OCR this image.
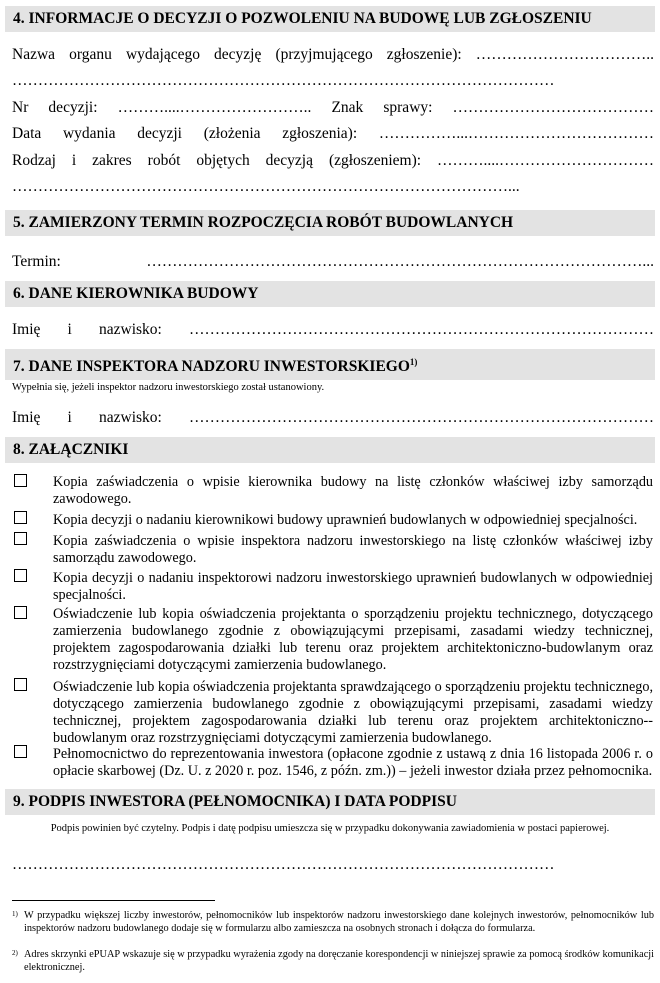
4. INFORMACJE O DECYZJI O POZWOLENIU NA BUDOWĘ LUB ZGŁOSZENIU
Nazwa organu wydającego decyzję (przyjmującego zgłoszenie): ……………………………..
……………………………………………………………………………………………
Nr decyzji: ………....…………………….. Znak sprawy: …………………………………
Data wydania decyzji (złożenia zgłoszenia): ……………...………………………………
Rodzaj i zakres robót objętych decyzją (zgłoszeniem): ………....…………………………
……………………………………………………………………………………...
5. ZAMIERZONY TERMIN ROZPOCZĘCIA ROBÓT BUDOWLANYCH
Termin:	……………………………………………………………………………………...
6. DANE KIEROWNIKA BUDOWY
Imię i nazwisko: ………………………………………………………………………………
7. DANE INSPEKTORA NADZORU INWESTORSKIEGO$^{1)}$
Wypełnia się, jeżeli inspektor nadzoru inwestorskiego został ustanowiony.
Imię i nazwisko: ………………………………………………………………………………
8. ZAŁĄCZNIKI
Kopia zaświadczenia o wpisie kierownika budowy na listę członków właściwej izby samorządu zawodowego.
Kopia decyzji o nadaniu kierownikowi budowy uprawnień budowlanych w odpowiedniej specjalności.
Kopia zaświadczenia o wpisie inspektora nadzoru inwestorskiego na listę członków właściwej izby samorządu zawodowego.
Kopia decyzji o nadaniu inspektorowi nadzoru inwestorskiego uprawnień budowlanych w odpowiedniej specjalności.
Oświadczenie lub kopia oświadczenia projektanta o sporządzeniu projektu technicznego, dotyczącego zamierzenia budowlanego zgodnie z obowiązującymi przepisami, zasadami wiedzy technicznej, projektem zagospodarowania działki lub terenu oraz projektem architektoniczno-budowlanym oraz rozstrzygnięciami dotyczącymi zamierzenia budowlanego.
Oświadczenie lub kopia oświadczenia projektanta sprawdzającego o sporządzeniu projektu technicznego, dotyczącego zamierzenia budowlanego zgodnie z obowiązującymi przepisami, zasadami wiedzy technicznej, projektem zagospodarowania działki lub terenu oraz projektem architektoniczno--budowlanym oraz rozstrzygnięciami dotyczącymi zamierzenia budowlanego.
Pełnomocnictwo do reprezentowania inwestora (opłacone zgodnie z ustawą z dnia 16 listopada 2006 r. o opłacie skarbowej (Dz. U. z 2020 r. poz. 1546, z późn. zm.)) – jeżeli inwestor działa przez pełnomocnika.
9. PODPIS INWESTORA (PEŁNOMOCNIKA) I DATA PODPISU
Podpis powinien być czytelny. Podpis i datę podpisu umieszcza się w przypadku dokonywania zawiadomienia w postaci papierowej.
……………………………………………………………………………………………
1) W przypadku większej liczby inwestorów, pełnomocników lub inspektorów nadzoru inwestorskiego dane kolejnych inwestorów, pełnomocników lub inspektorów nadzoru budowlanego dodaje się w formularzu albo zamieszcza na osobnych stronach i dołącza do formularza.
2) Adres skrzynki ePUAP wskazuje się w przypadku wyrażenia zgody na doręczanie korespondencji w niniejszej sprawie za pomocą środków komunikacji elektronicznej.
